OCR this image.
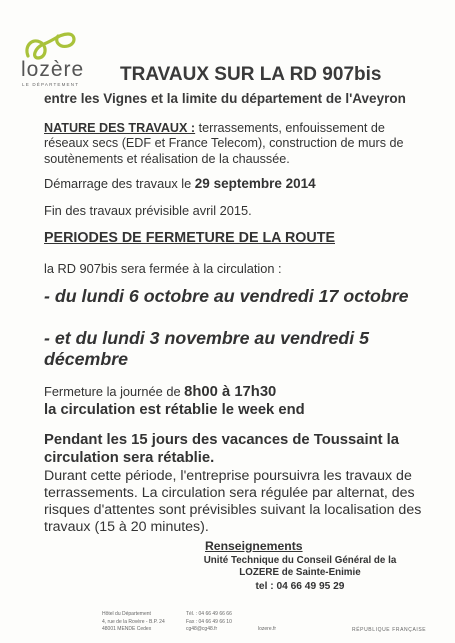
lozère
LE DÉPARTEMENT TRAVAUX SUR LA RD 907bis
entre les Vignes et la limite du département de l'Aveyron
NATURE DES TRAVAUX : terrassements, enfouissement de réseaux secs (EDF et France Telecom), construction de murs de soutènements et réalisation de la chaussée.
Démarrage des travaux le 29 septembre 2014
Fin des travaux prévisible avril 2015.
PERIODES DE FERMETURE DE LA ROUTE
la RD 907bis sera fermée à la circulation :
- du lundi 6 octobre au vendredi 17 octobre
- et du lundi 3 novembre au vendredi 5 décembre
Fermeture la journée de 8h00 à 17h30
la circulation est rétablie le week end
Pendant les 15 jours des vacances de Toussaint la circulation sera rétablie.
Durant cette période, l'entreprise poursuivra les travaux de terrassements. La circulation sera régulée par alternat, des risques d'attentes sont prévisibles suivant la localisation des travaux (15 à 20 minutes).
Renseignements
Unité Technique du Conseil Général de la
LOZERE de Sainte-Enimie
tel : 04 66 49 95 29
Hôtel du Département
4, rue de la Rovère - B.P. 24
48001 MENDE Cedex
Tél. : 04 66 49 66 66
Fax : 04 66 49 66 10
cg48@cg48.fr	lozere.fr	RÉPUBLIQUE FRANÇAISE
